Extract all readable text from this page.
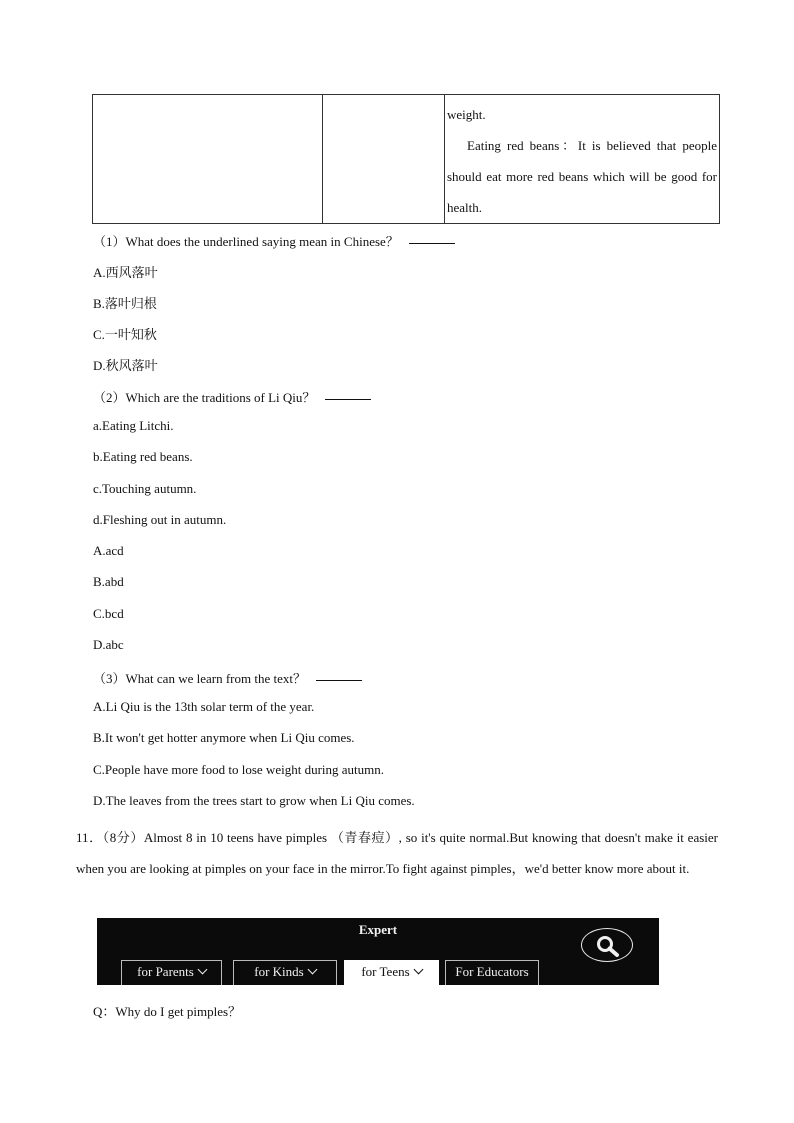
weight.

Eating red beans：It is believed that people should eat more red beans which will be good for health.

（1）What does the underlined saying mean in Chinese？
A.西风落叶
B.落叶归根
C.一叶知秋
D.秋风落叶
（2）Which are the traditions of Li Qiu？
a.Eating Litchi.
b.Eating red beans.
c.Touching autumn.
d.Fleshing out in autumn.
A.acd
B.abd
C.bcd
D.abc
（3）What can we learn from the text？
A.Li Qiu is the 13th solar term of the year.
B.It won't get hotter anymore when Li Qiu comes.
C.People have more food to lose weight during autumn.
D.The leaves from the trees start to grow when Li Qiu comes.

11．（8分）Almost 8 in 10 teens have pimples （青春痘）, so it's quite normal.But knowing that doesn't make it easier when you are looking at pimples on your face in the mirror.To fight against pimples，we'd better know more about it.

Expert
for Parents	for Kinds	for Teens	For Educators
Q：Why do I get pimples？
